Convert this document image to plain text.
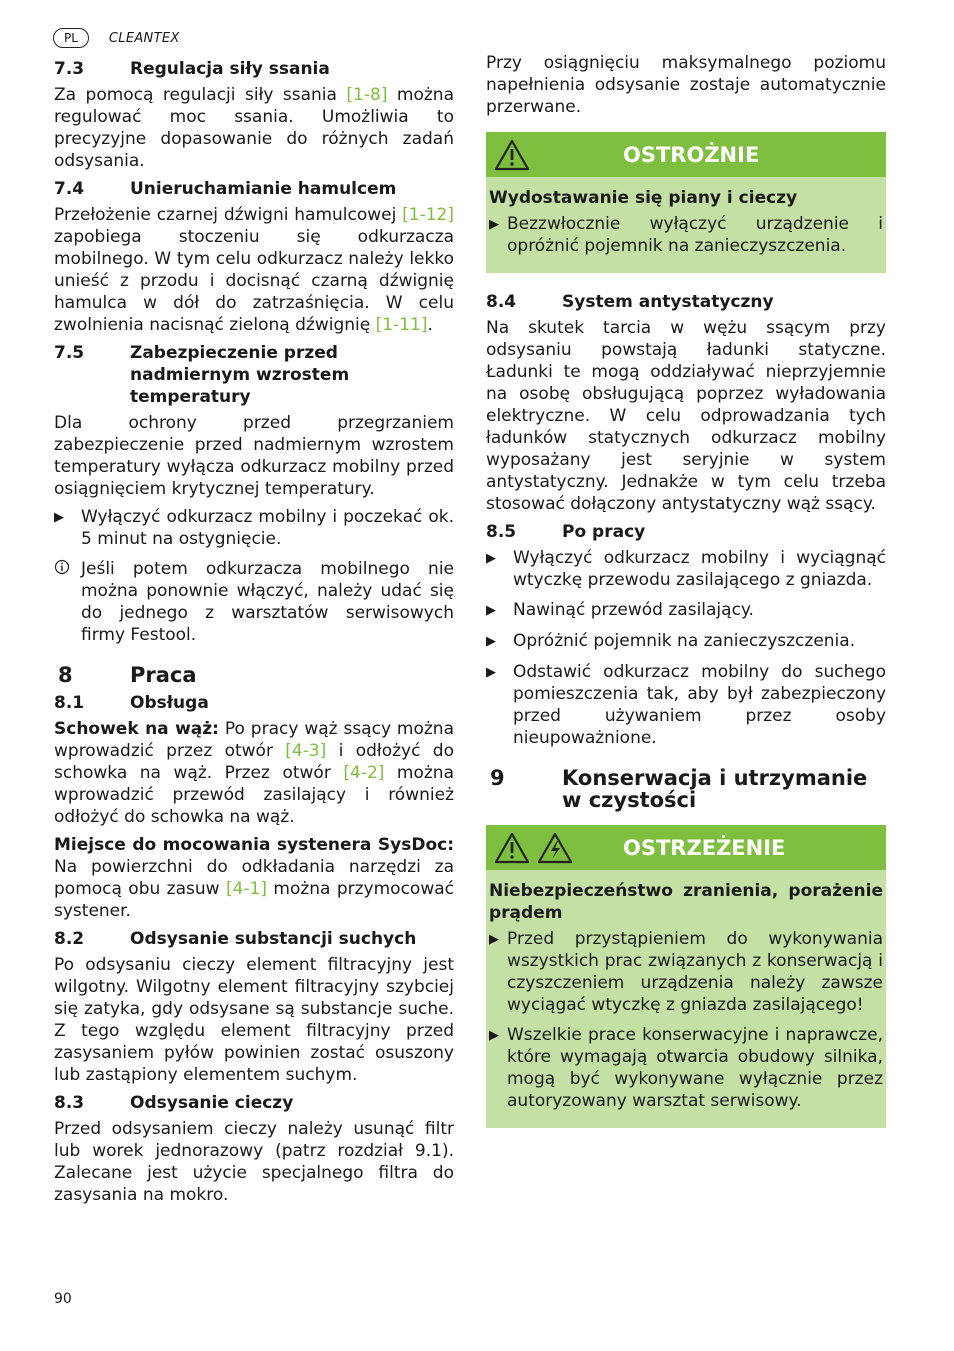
PL	CLEANTEX
7.3	Regulacja siły ssania

Za pomocą regulacji siły ssania [1-8] można regulować moc ssania. Umożliwia to precyzyjne dopasowanie do różnych zadań odsysania.

7.4	Unieruchamianie hamulcem

Przełożenie czarnej dźwigni hamulcowej [1-12] zapobiega stoczeniu się odkurzacza mobilnego. W tym celu odkurzacz należy lekko unieść z przodu i docisnąć czarną dźwignię hamulca w dół do zatrzaśnięcia. W celu zwolnienia nacisnąć zieloną dźwignię [1-11].

7.5	Zabezpieczenie przed nadmiernym wzrostem temperatury

Dla ochrony przed przegrzaniem zabezpieczenie przed nadmiernym wzrostem temperatury wyłącza odkurzacz mobilny przed osiągnięciem krytycznej temperatury.

▶	Wyłączyć odkurzacz mobilny i poczekać ok. 5 minut na ostygnięcie.
Jeśli potem odkurzacza mobilnego nie można ponownie włączyć, należy udać się do jednego z warsztatów serwisowych firmy Festool.
8	Praca
8.1	Obsługa

Schowek na wąż: Po pracy wąż ssący można wprowadzić przez otwór [4-3] i odłożyć do schowka na wąż. Przez otwór [4-2] można wprowadzić przewód zasilający i również odłożyć do schowka na wąż.

Miejsce do mocowania systenera SysDoc: Na powierzchni do odkładania narzędzi za pomocą obu zasuw [4-1] można przymocować systener.

8.2	Odsysanie substancji suchych

Po odsysaniu cieczy element filtracyjny jest wilgotny. Wilgotny element filtracyjny szybciej się zatyka, gdy odsysane są substancje suche. Z tego względu element filtracyjny przed zasysaniem pyłów powinien zostać osuszony lub zastąpiony elementem suchym.

8.3	Odsysanie cieczy

Przed odsysaniem cieczy należy usunąć filtr lub worek jednorazowy (patrz rozdział 9.1). Zalecane jest użycie specjalnego filtra do zasysania na mokro.

Przy osiągnięciu maksymalnego poziomu napełnienia odsysanie zostaje automatycznie przerwane.

OSTROŻNIE
Wydostawanie się piany i cieczy
▶ Bezzwłocznie wyłączyć urządzenie i opróżnić pojemnik na zanieczyszczenia.
8.4	System antystatyczny

Na skutek tarcia w wężu ssącym przy odsysaniu powstają ładunki statyczne. Ładunki te mogą oddziaływać nieprzyjemnie na osobę obsługującą poprzez wyładowania elektryczne. W celu odprowadzania tych ładunków statycznych odkurzacz mobilny wyposażany jest seryjnie w system antystatyczny. Jednakże w tym celu trzeba stosować dołączony antystatyczny wąż ssący.

8.5	Po pracy
▶	Wyłączyć odkurzacz mobilny i wyciągnąć wtyczkę przewodu zasilającego z gniazda.
▶	Nawinąć przewód zasilający.
▶	Opróżnić pojemnik na zanieczyszczenia.
▶	Odstawić odkurzacz mobilny do suchego pomieszczenia tak, aby był zabezpieczony przed używaniem przez osoby nieupoważnione.
9	Konserwacja i utrzymanie w czystości
OSTRZEŻENIE
Niebezpieczeństwo zranienia, porażenie prądem
▶ Przed przystąpieniem do wykonywania wszystkich prac związanych z konserwacją i czyszczeniem urządzenia należy zawsze wyciągać wtyczkę z gniazda zasilającego!
▶ Wszelkie prace konserwacyjne i naprawcze, które wymagają otwarcia obudowy silnika, mogą być wykonywane wyłącznie przez autoryzowany warsztat serwisowy.
90
